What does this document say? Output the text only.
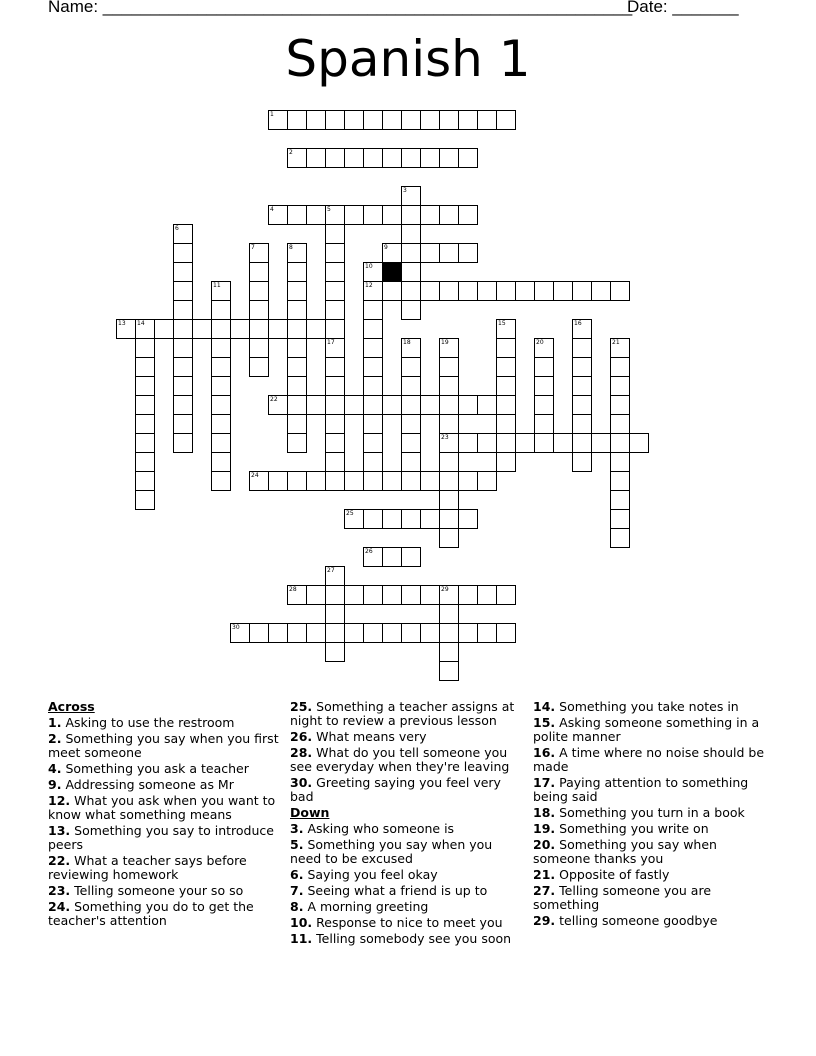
Name: ________________________________________________________
Date: _______
Spanish 1
1
2
3
4	5
6
7	8	9
10
12
11
13 14	15	16
17	18	19
23
20	21
22
24
25
26
27
28	29
30
Across
1. Asking to use the restroom
2. Something you say when you first meet someone
4. Something you ask a teacher
9. Addressing someone as Mr
12. What you ask when you want to know what something means
13. Something you say to introduce peers
22. What a teacher says before reviewing homework
23. Telling someone your so so
24. Something you do to get the teacher's attention
25. Something a teacher assigns at night to review a previous lesson
26. What means very
28. What do you tell someone you see everyday when they're leaving
30. Greeting saying you feel very bad
Down
3. Asking who someone is
5. Something you say when you need to be excused
6. Saying you feel okay
7. Seeing what a friend is up to
8. A morning greeting
10. Response to nice to meet you
11. Telling somebody see you soon
14. Something you take notes in
15. Asking someone something in a polite manner
16. A time where no noise should be made
17. Paying attention to something being said
18. Something you turn in a book
19. Something you write on
20. Something you say when someone thanks you
21. Opposite of fastly
27. Telling someone you are something
29. telling someone goodbye
